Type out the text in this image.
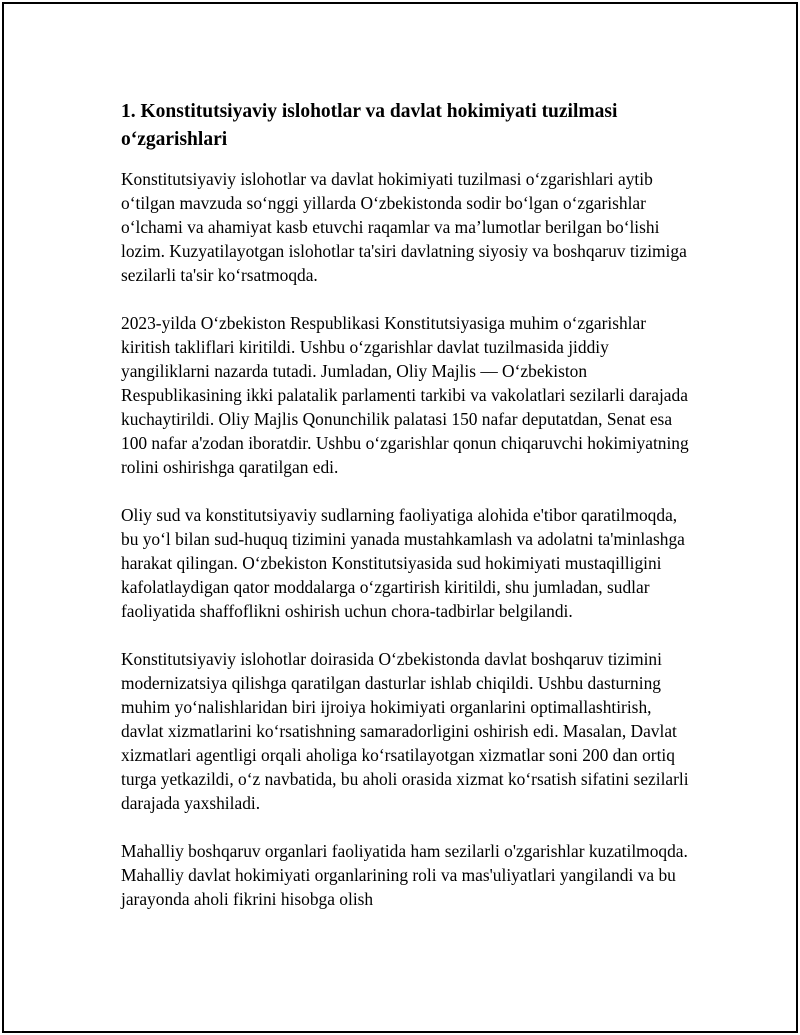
1. Konstitutsiyaviy islohotlar va davlat hokimiyati tuzilmasi o‘zgarishlari

Konstitutsiyaviy islohotlar va davlat hokimiyati tuzilmasi o‘zgarishlari aytib o‘tilgan mavzuda so‘nggi yillarda O‘zbekistonda sodir bo‘lgan o‘zgarishlar o‘lchami va ahamiyat kasb etuvchi raqamlar va ma’lumotlar berilgan bo‘lishi lozim. Kuzyatilayotgan islohotlar ta'siri davlatning siyosiy va boshqaruv tizimiga sezilarli ta'sir ko‘rsatmoqda.

2023-yilda O‘zbekiston Respublikasi Konstitutsiyasiga muhim o‘zgarishlar kiritish takliflari kiritildi. Ushbu o‘zgarishlar davlat tuzilmasida jiddiy yangiliklarni nazarda tutadi. Jumladan, Oliy Majlis — O‘zbekiston Respublikasining ikki palatalik parlamenti tarkibi va vakolatlari sezilarli darajada kuchaytirildi. Oliy Majlis Qonunchilik palatasi 150 nafar deputatdan, Senat esa 100 nafar a'zodan iboratdir. Ushbu o‘zgarishlar qonun chiqaruvchi hokimiyatning rolini oshirishga qaratilgan edi.

Oliy sud va konstitutsiyaviy sudlarning faoliyatiga alohida e'tibor qaratilmoqda, bu yo‘l bilan sud-huquq tizimini yanada mustahkamlash va adolatni ta'minlashga harakat qilingan. O‘zbekiston Konstitutsiyasida sud hokimiyati mustaqilligini kafolatlaydigan qator moddalarga o‘zgartirish kiritildi, shu jumladan, sudlar faoliyatida shaffoflikni oshirish uchun chora-tadbirlar belgilandi.

Konstitutsiyaviy islohotlar doirasida O‘zbekistonda davlat boshqaruv tizimini modernizatsiya qilishga qaratilgan dasturlar ishlab chiqildi. Ushbu dasturning muhim yo‘nalishlaridan biri ijroiya hokimiyati organlarini optimallashtirish, davlat xizmatlarini ko‘rsatishning samaradorligini oshirish edi. Masalan, Davlat xizmatlari agentligi orqali aholiga ko‘rsatilayotgan xizmatlar soni 200 dan ortiq turga yetkazildi, o‘z navbatida, bu aholi orasida xizmat ko‘rsatish sifatini sezilarli darajada yaxshiladi.

Mahalliy boshqaruv organlari faoliyatida ham sezilarli o'zgarishlar kuzatilmoqda. Mahalliy davlat hokimiyati organlarining roli va mas'uliyatlari yangilandi va bu jarayonda aholi fikrini hisobga olish
